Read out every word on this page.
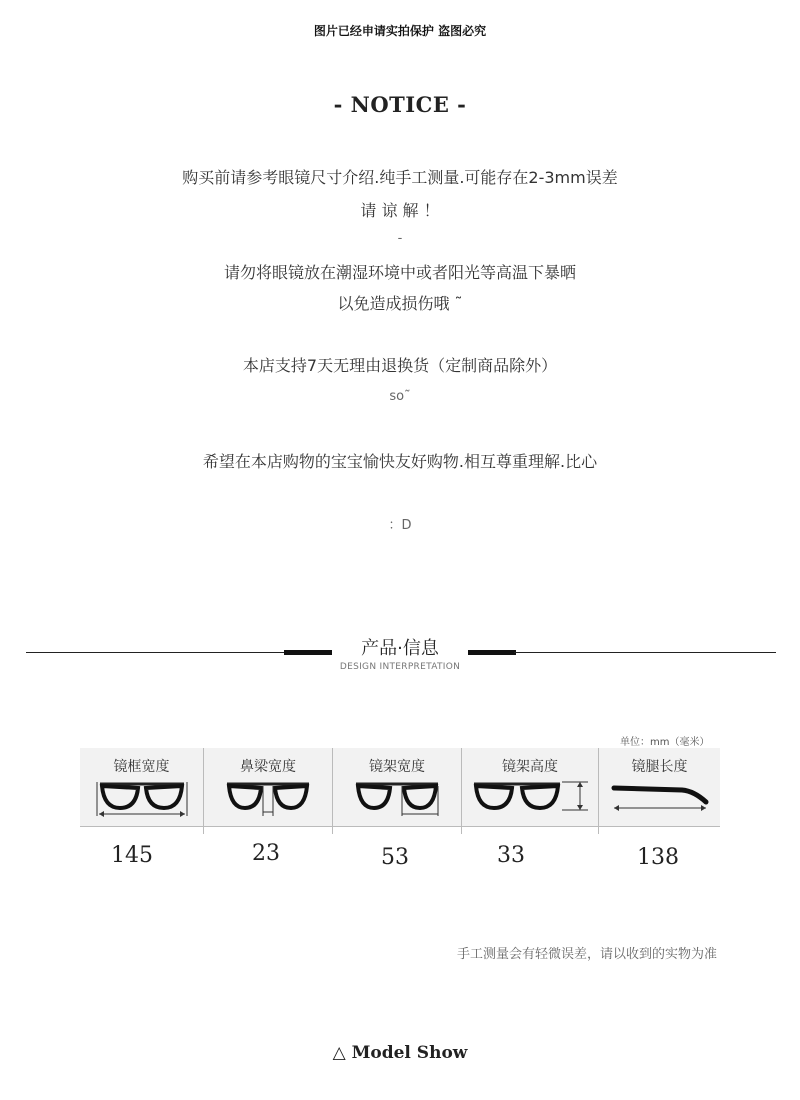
图片已经申请实拍保护 盗图必究
- NOTICE -
购买前请参考眼镜尺寸介绍.纯手工测量.可能存在2-3mm误差
请 谅 解 ！
-
请勿将眼镜放在潮湿环境中或者阳光等高温下暴晒
以免造成损伤哦 ˜
本店支持7天无理由退换货（定制商品除外）
so˜
希望在本店购物的宝宝愉快友好购物.相互尊重理解.比心
：D
产品·信息
DESIGN INTERPRETATION
单位：mm（毫米）
镜框宽度	鼻梁宽度	镜架宽度	镜架高度	镜腿长度
145	23	53	33	138
手工测量会有轻微误差，请以收到的实物为准
△ Model Show
